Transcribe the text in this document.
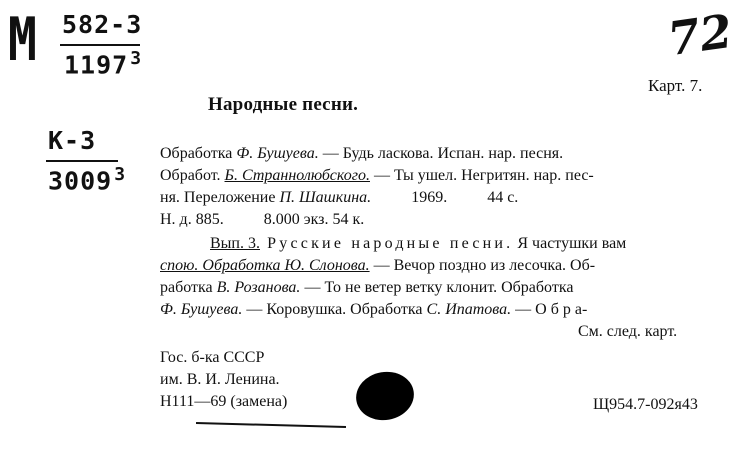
М 582-3
1197 $^3$
К-3
3009 $^3$
72
Карт. 7.
Народные песни.
Обработка Ф. Бушуева. — Будь ласкова. Испан. нар. песня.
Обработ. Б. Страннолюбского. — Ты ушел. Негритян. нар. пес-
ня. Переложение П. Шашкина.          1969.          44 с.
Н. д. 885.          8.000 экз. 54 к.
Вып. 3. Русские народные песни. Я частушки вам
спою. Обработка Ю. Слонова. — Вечор поздно из лесочка. Об-
работка В. Розанова. — То не ветер ветку клонит. Обработка
Ф. Бушуева. — Коровушка. Обработка С. Ипатова. — О б р а-
См. след. карт.
Гос. б-ка СССР
им. В. И. Ленина.
Н111—69 (замена)	Щ954.7-092я43
